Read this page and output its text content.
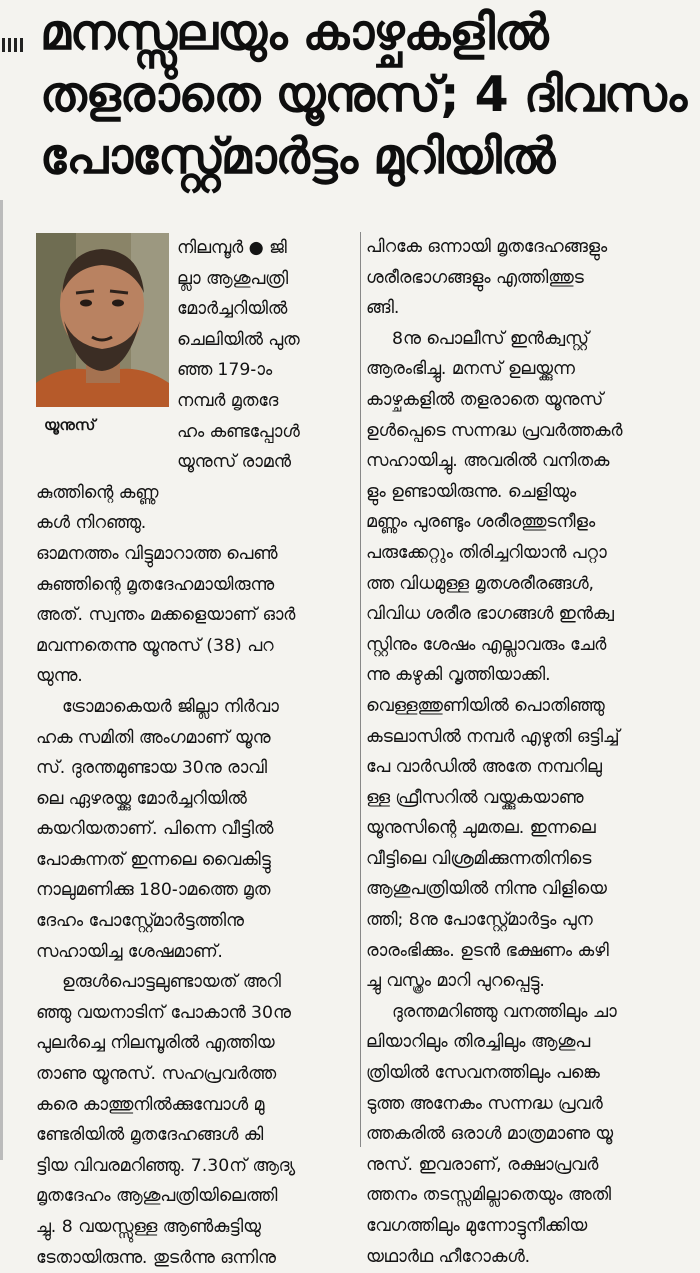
മനസ്സുലയും കാഴ്ചകളിൽ
തളരാതെ യൂനുസ്; 4 ദിവസം
പോസ്റ്റ്മോർട്ടം മുറിയിൽ
യൂനുസ്

നിലമ്പൂർ ● ജി

ല്ലാ ആശുപത്രി

മോർച്ചറിയിൽ

ചെലിയിൽ പുത

ഞ്ഞ 179-ാം

നമ്പർ മൃതദേ

ഹം കണ്ടപ്പോൾ

യൂനുസ് രാമൻ

കുത്തിന്റെ കണ്ണു

കൾ നിറഞ്ഞു.

ഓമനത്തം വിട്ടുമാറാത്ത പെൺ

കുഞ്ഞിന്റെ മൃതദേഹമായിരുന്നു

അത്. സ്വന്തം മക്കളെയാണ് ഓർ

മവന്നതെന്നു യൂനുസ് (38) പറ

യുന്നു.

ട്രോമാകെയർ ജില്ലാ നിർവാ

ഹക സമിതി അംഗമാണ് യൂനു

സ്. ദുരന്തമുണ്ടായ 30നു രാവി

ലെ ഏഴരയ്ക്കു മോർച്ചറിയിൽ

കയറിയതാണ്. പിന്നെ വീട്ടിൽ

പോകുന്നത് ഇന്നലെ വൈകിട്ടു

നാലുമണിക്കു 180-ാമത്തെ മൃത

ദേഹം പോസ്റ്റ്മോർട്ടത്തിനു

സഹായിച്ച ശേഷമാണ്.

ഉരുൾപൊട്ടലുണ്ടായത് അറി

ഞ്ഞു വയനാടിന് പോകാൻ 30നു

പുലർച്ചെ നിലമ്പൂരിൽ എത്തിയ

താണു യൂനുസ്. സഹപ്രവർത്ത

കരെ കാത്തുനിൽക്കുമ്പോൾ മു

ണ്ടേരിയിൽ മൃതദേഹങ്ങൾ കി

ട്ടിയ വിവരമറിഞ്ഞു. 7.30ന് ആദ്യ

മൃതദേഹം ആശുപത്രിയിലെത്തി

ച്ചു. 8 വയസ്സുള്ള ആൺകുട്ടിയു

ടേതായിരുന്നു. തുടർന്നു ഒന്നിനു

പിറകേ ഒന്നായി മൃതദേഹങ്ങളും

ശരീരഭാഗങ്ങളും എത്തിത്തുട

ങ്ങി.

8നു പൊലീസ് ഇൻക്വസ്റ്റ്

ആരംഭിച്ചു. മനസ് ഉലയ്ക്കുന്ന

കാഴ്ചകളിൽ തളരാതെ യൂനുസ്

ഉൾപ്പെടെ സന്നദ്ധ പ്രവർത്തകർ

സഹായിച്ചു. അവരിൽ വനിതക

ളും ഉണ്ടായിരുന്നു. ചെളിയും

മണ്ണും പുരണ്ടും ശരീരത്തുടനീളം

പരുക്കേറ്റും തിരിച്ചറിയാൻ പറ്റാ

ത്ത വിധമുള്ള മൃതശരീരങ്ങൾ,

വിവിധ ശരീര ഭാഗങ്ങൾ ഇൻക്വ

സ്റ്റിനും ശേഷം എല്ലാവരും ചേർ

ന്നു കഴുകി വൃത്തിയാക്കി.

വെള്ളത്തുണിയിൽ പൊതിഞ്ഞു

കടലാസിൽ നമ്പർ എഴുതി ഒട്ടിച്ച്

പേ വാർഡിൽ അതേ നമ്പറിലു

ള്ള ഫ്രീസറിൽ വയ്ക്കുകയാണു

യൂനുസിന്റെ ചുമതല. ഇന്നലെ

വീട്ടിലെ വിശ്രമിക്കുന്നതിനിടെ

ആശുപത്രിയിൽ നിന്നു വിളിയെ

ത്തി; 8നു പോസ്റ്റ്മോർട്ടം പുന

രാരംഭിക്കും. ഉടൻ ഭക്ഷണം കഴി

ച്ചു വസ്ത്രം മാറി പുറപ്പെട്ടു.

ദുരന്തമറിഞ്ഞു വനത്തിലും ചാ

ലിയാറിലും തിരച്ചിലും ആശുപ

ത്രിയിൽ സേവനത്തിലും പങ്കെ

ടുത്ത അനേകം സന്നദ്ധ പ്രവർ

ത്തകരിൽ ഒരാൾ മാത്രമാണു യൂ

നുസ്. ഇവരാണ്, രക്ഷാപ്രവർ

ത്തനം തടസ്സമില്ലാതെയും അതി

വേഗത്തിലും മുന്നോട്ടുനീക്കിയ

യഥാർഥ ഹീറോകൾ.
